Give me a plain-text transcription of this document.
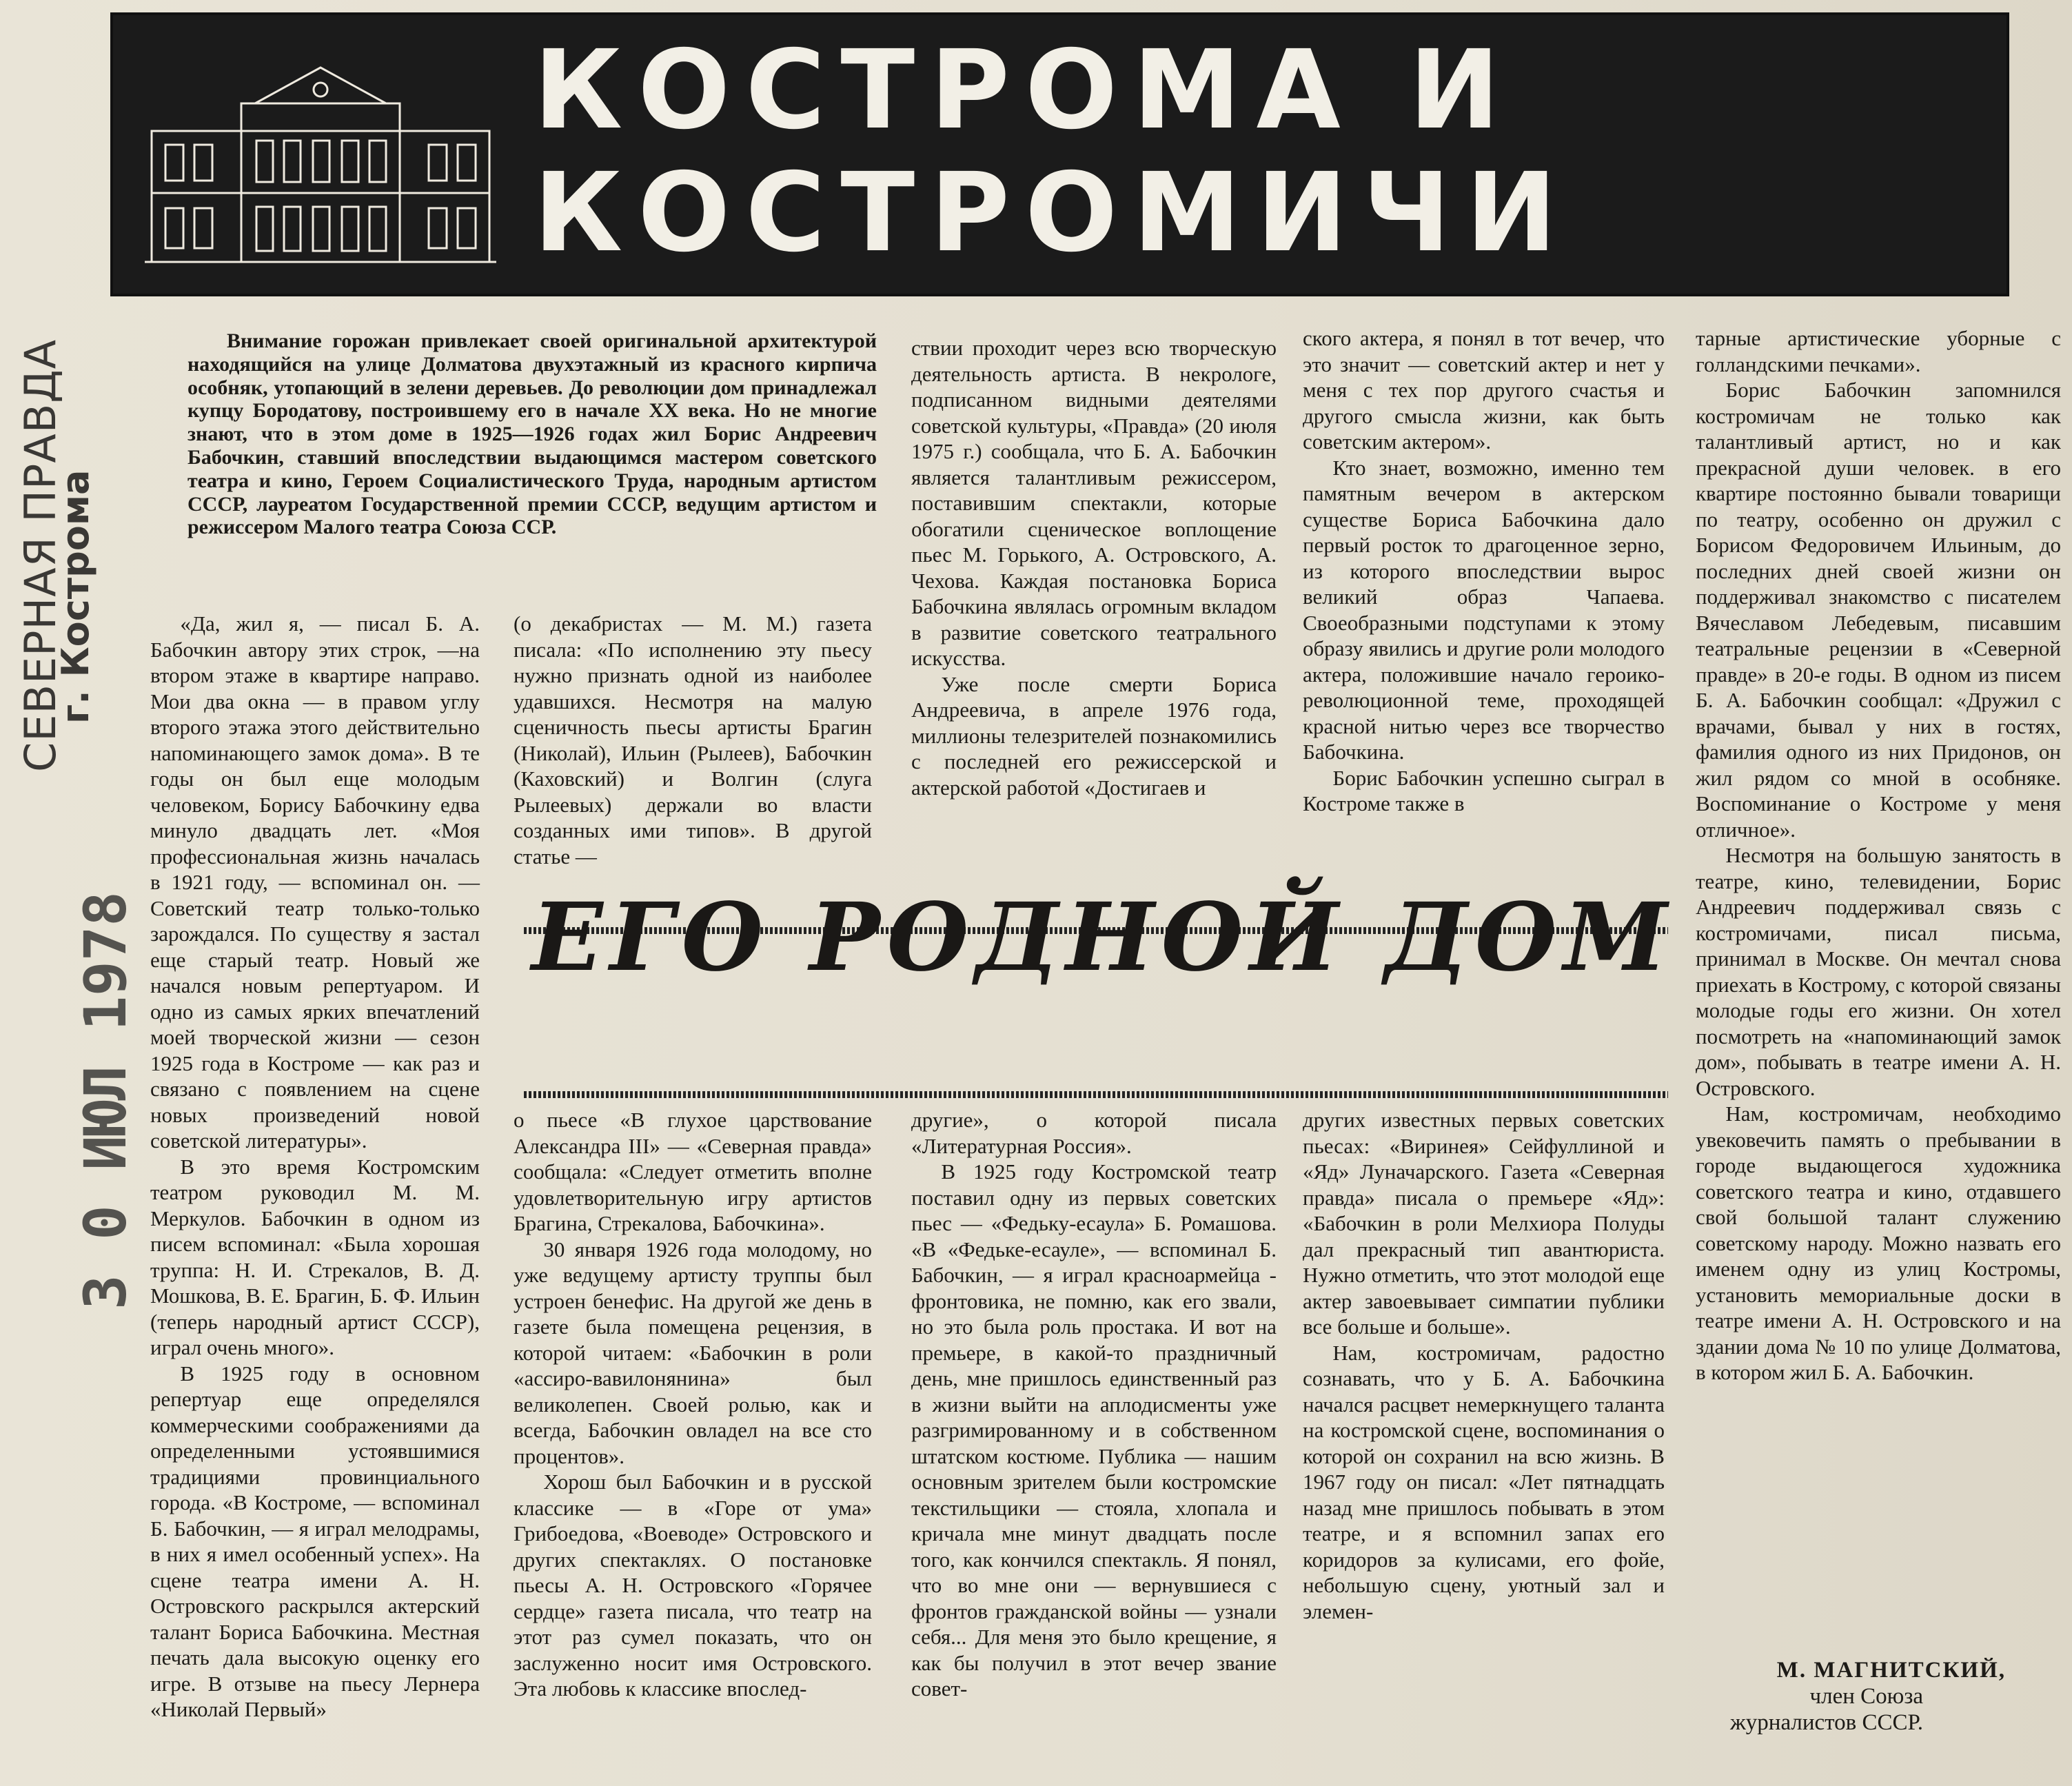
КОСТРОМА И
КОСТРОМИЧИ
СЕВЕРНАЯ ПРАВДА
г. Кострома
3 0 ИЮЛ 1978

Внимание горожан привлекает своей оригинальной архитектурой находящийся на улице Долматова двухэтажный из красного кирпича особняк, утопающий в зелени деревьев. До революции дом принадлежал купцу Бородатову, построившему его в начале XX века. Но не многие знают, что в этом доме в 1925—1926 годах жил Борис Андреевич Бабочкин, ставший впоследствии выдающимся мастером советского театра и кино, Героем Социалистического Труда, народным артистом СССР, лауреатом Государственной премии СССР, ведущим артистом и режиссером Малого театра Союза ССР.

«Да, жил я, — писал Б. А. Бабочкин автору этих строк, —на втором этаже в квартире направо. Мои два окна — в правом углу второго этажа этого действительно напоминающего замок дома». В те годы он был еще молодым человеком, Борису Бабочкину едва минуло двадцать лет. «Моя профессиональная жизнь началась в 1921 году, — вспоминал он. — Советский театр только-только зарождался. По существу я застал еще старый театр. Новый же начался новым репертуаром. И одно из самых ярких впечатлений моей творческой жизни — сезон 1925 года в Костроме — как раз и связано с появлением на сцене новых произведений новой советской литературы».

В это время Костромским театром руководил М. М. Меркулов. Бабочкин в одном из писем вспоминал: «Была хорошая труппа: Н. И. Стрекалов, В. Д. Мошкова, В. Е. Брагин, Б. Ф. Ильин (теперь народный артист СССР), играл очень много».

В 1925 году в основном репертуар еще определялся коммерческими соображениями да определенными устоявшимися традициями провинциального города. «В Костроме, — вспоминал Б. Бабочкин, — я играл мелодрамы, в них я имел особенный успех». На сцене театра имени А. Н. Островского раскрылся актерский талант Бориса Бабочкина. Местная печать дала высокую оценку его игре. В отзыве на пьесу Лернера «Николай Первый»

(о декабристах — М. М.) газета писала: «По исполнению эту пьесу нужно признать одной из наиболее удавшихся. Несмотря на малую сценичность пьесы артисты Брагин (Николай), Ильин (Рылеев), Бабочкин (Каховский) и Волгин (слуга Рылеевых) держали во власти созданных ими типов». В другой статье —

ствии проходит через всю творческую деятельность артиста. В некрологе, подписанном видными деятелями советской культуры, «Правда» (20 июля 1975 г.) сообщала, что Б. А. Бабочкин является талантливым режиссером, поставившим спектакли, которые обогатили сценическое воплощение пьес М. Горького, А. Островского, А. Чехова. Каждая постановка Бориса Бабочкина являлась огромным вкладом в развитие советского театрального искусства.

Уже после смерти Бориса Андреевича, в апреле 1976 года, миллионы телезрителей познакомились с последней его режиссерской и актерской работой «Достигаев и

ского актера, я понял в тот вечер, что это значит — советский актер и нет у меня с тех пор другого счастья и другого смысла жизни, как быть советским актером».

Кто знает, возможно, именно тем памятным вечером в актерском существе Бориса Бабочкина дало первый росток то драгоценное зерно, из которого впоследствии вырос великий образ Чапаева. Своеобразными подступами к этому образу явились и другие роли молодого актера, положившие начало героико-революционной теме, проходящей красной нитью через все творчество Бабочкина.

Борис Бабочкин успешно сыграл в Костроме также в

тарные артистические уборные с голландскими печками».

Борис Бабочкин запомнился костромичам не только как талантливый артист, но и как прекрасной души человек. в его квартире постоянно бывали товарищи по театру, особенно он дружил с Борисом Федоровичем Ильиным, до последних дней своей жизни он поддерживал знакомство с писателем Вячеславом Лебедевым, писавшим театральные рецензии в «Северной правде» в 20-е годы. В одном из писем Б. А. Бабочкин сообщал: «Дружил с врачами, бывал у них в гостях, фамилия одного из них Придонов, он жил рядом со мной в особняке. Воспоминание о Костроме у меня отличное».

Несмотря на большую занятость в театре, кино, телевидении, Борис Андреевич поддерживал связь с костромичами, писал письма, принимал в Москве. Он мечтал снова приехать в Кострому, с которой связаны молодые годы его жизни. Он хотел посмотреть на «напоминающий замок дом», побывать в театре имени А. Н. Островского.

Нам, костромичам, необходимо увековечить память о пребывании в городе выдающегося художника советского театра и кино, отдавшего свой большой талант служению советскому народу. Можно назвать его именем одну из улиц Костромы, установить мемориальные доски в театре имени А. Н. Островского и на здании дома № 10 по улице Долматова, в котором жил Б. А. Бабочкин.

ЕГО РОДНОЙ ДОМ

о пьесе «В глухое царствование Александра III» — «Северная правда» сообщала: «Следует отметить вполне удовлетворительную игру артистов Брагина, Стрекалова, Бабочкина».

30 января 1926 года молодому, но уже ведущему артисту труппы был устроен бенефис. На другой же день в газете была помещена рецензия, в которой читаем: «Бабочкин в роли «ассиро-вавилонянина» был великолепен. Своей ролью, как и всегда, Бабочкин овладел на все сто процентов».

Хорош был Бабочкин и в русской классике — в «Горе от ума» Грибоедова, «Воеводе» Островского и других спектаклях. О постановке пьесы А. Н. Островского «Горячее сердце» газета писала, что театр на этот раз сумел показать, что он заслуженно носит имя Островского. Эта любовь к классике впослед-

другие», о которой писала «Литературная Россия».

В 1925 году Костромской театр поставил одну из первых советских пьес — «Федьку-есаула» Б. Ромашова. «В «Федьке-есауле», — вспоминал Б. Бабочкин, — я играл красноармейца - фронтовика, не помню, как его звали, но это была роль простака. И вот на премьере, в какой-то праздничный день, мне пришлось единственный раз в жизни выйти на аплодисменты уже разгримированному и в собственном штатском костюме. Публика — нашим основным зрителем были костромские текстильщики — стояла, хлопала и кричала мне минут двадцать после того, как кончился спектакль. Я понял, что во мне они — вернувшиеся с фронтов гражданской войны — узнали себя... Для меня это было крещение, я как бы получил в этот вечер звание совет-

других известных первых советских пьесах: «Виринея» Сейфуллиной и «Яд» Луначарского. Газета «Северная правда» писала о премьере «Яд»: «Бабочкин в роли Мелхиора Полуды дал прекрасный тип авантюриста. Нужно отметить, что этот молодой еще актер завоевывает симпатии публики все больше и больше».

Нам, костромичам, радостно сознавать, что у Б. А. Бабочкина начался расцвет немеркнущего таланта на костромской сцене, воспоминания о которой он сохранил на всю жизнь. В 1967 году он писал: «Лет пятнадцать назад мне пришлось побывать в этом театре, и я вспомнил запах его коридоров за кулисами, его фойе, небольшую сцену, уютный зал и элемен-

М. МАГНИТСКИЙ,
член Союза журналистов СССР.
